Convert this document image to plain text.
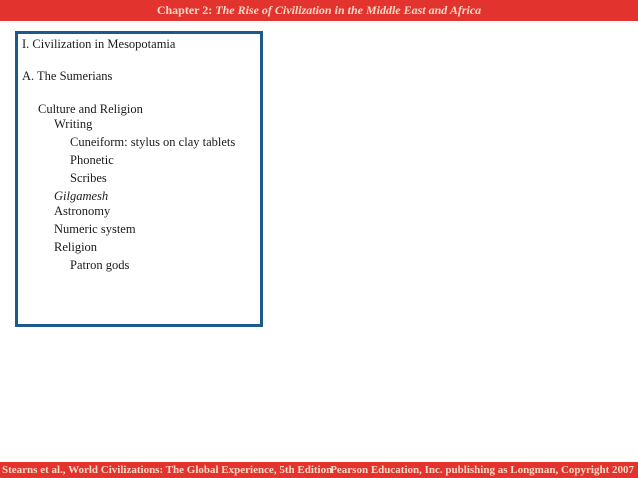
Chapter 2: The Rise of Civilization in the Middle East and Africa
I. Civilization in Mesopotamia
A. The Sumerians
Culture and Religion
Writing
Cuneiform: stylus on clay tablets
Phonetic
Scribes
Gilgamesh
Astronomy
Numeric system
Religion
Patron gods
Stearns et al., World Civilizations: The Global Experience, 5th Edition
Pearson Education, Inc. publishing as Longman, Copyright 2007
